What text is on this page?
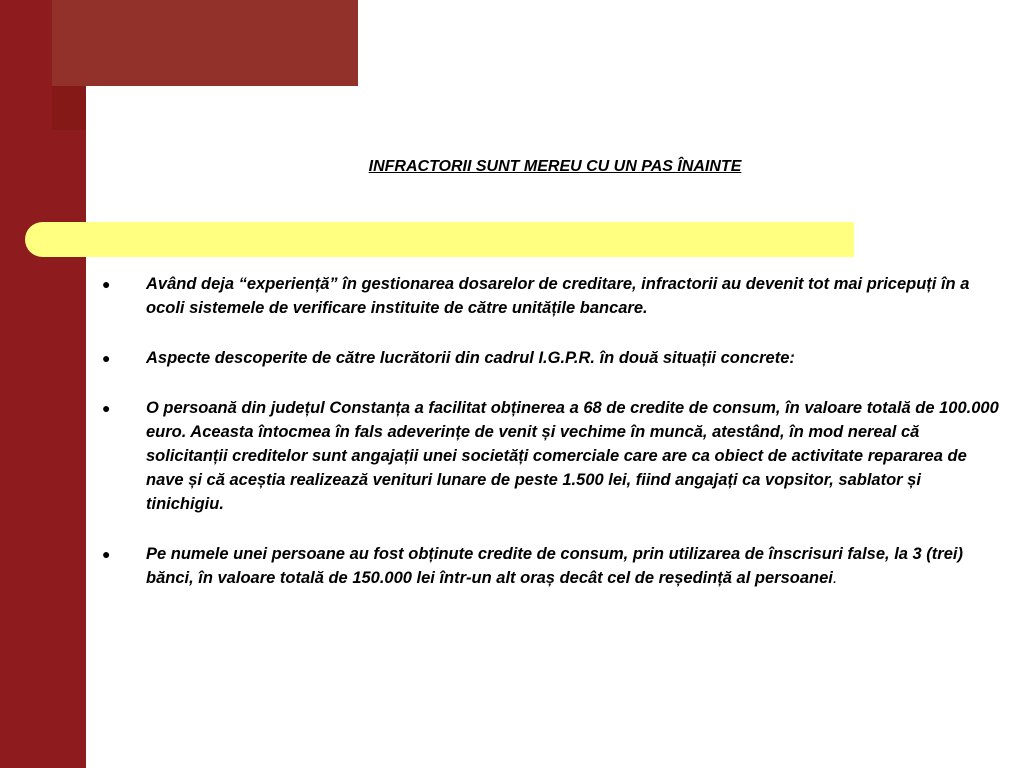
INFRACTORII SUNT MEREU CU UN PAS ÎNAINTE
●	Având deja “experiență” în gestionarea dosarelor de creditare, infractorii au devenit tot mai pricepuți în a ocoli sistemele de verificare instituite de către unitățile bancare.
●	Aspecte descoperite de către lucrătorii din cadrul I.G.P.R. în două situații concrete:
●	O persoană din județul Constanța a facilitat obținerea a 68 de credite de consum, în valoare totală de 100.000 euro. Aceasta întocmea în fals adeverințe de venit și vechime în muncă, atestând, în mod nereal că solicitanții creditelor sunt angajații unei societăți comerciale care are ca obiect de activitate repararea de nave și că aceștia realizează venituri lunare de peste 1.500 lei, fiind angajați ca vopsitor, sablator și tinichigiu.
●	Pe numele unei persoane au fost obținute credite de consum, prin utilizarea de înscrisuri false, la 3 (trei) bănci, în valoare totală de 150.000 lei într-un alt oraș decât cel de reședință al persoanei.
